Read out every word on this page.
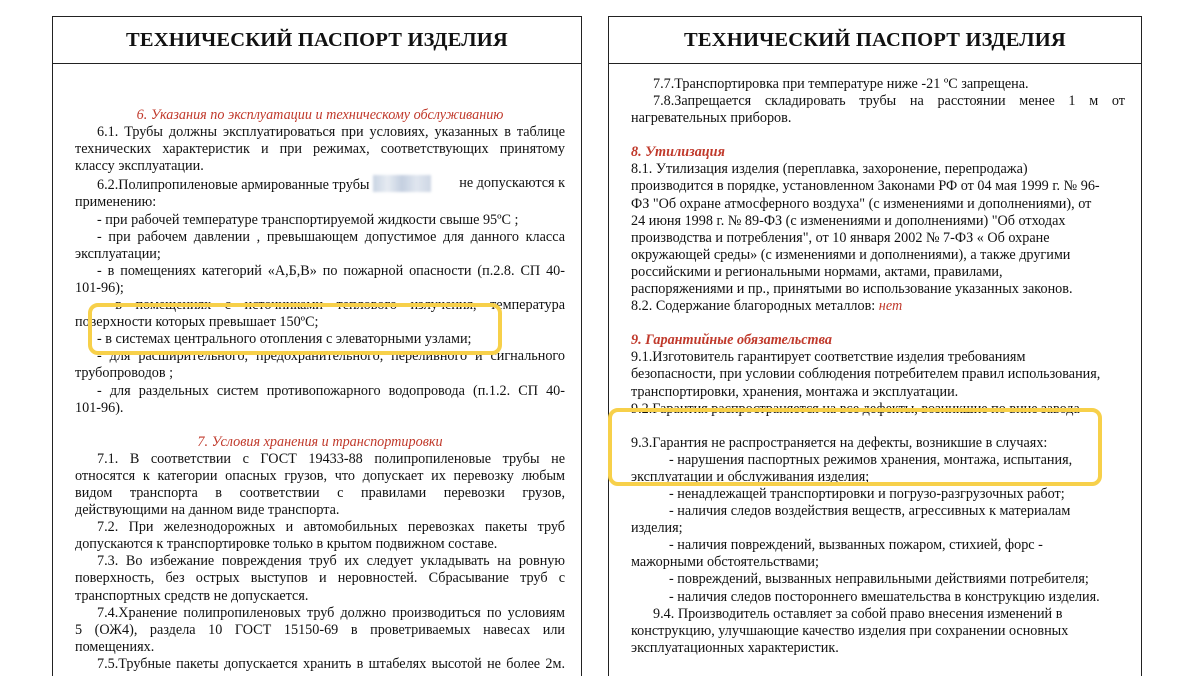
ТЕХНИЧЕСКИЙ ПАСПОРТ ИЗДЕЛИЯ

6. Указания по эксплуатации и техническому обслуживанию

6.1. Трубы должны эксплуатироваться при условиях, указанных в таблице

технических характеристик и при режимах, соответствующих принятому

классу эксплуатации.

6.2.Полипропиленовые армированные трубы	не допускаются к

применению:

- при рабочей температуре транспортируемой жидкости свыше 95ºС ;

- при рабочем давлении , превышающем допустимое для данного класса

эксплуатации;

- в помещениях категорий «А,Б,В» по пожарной опасности (п.2.8. СП 40-

101-96);

- в помещениях с источниками теплового излучения, температура

поверхности которых превышает 150ºС;

- в системах центрального отопления с элеваторными узлами;

- для расширительного, предохранительного, переливного и сигнального

трубопроводов ;

- для раздельных систем противопожарного водопровода (п.1.2. СП 40-

101-96).

7. Условия хранения и транспортировки

7.1. В соответствии с ГОСТ 19433-88 полипропиленовые трубы не

относятся к категории опасных грузов, что допускает их перевозку любым

видом транспорта в соответствии с правилами перевозки грузов,

действующими на данном виде транспорта.

7.2. При железнодорожных и автомобильных перевозках пакеты труб

допускаются к транспортировке только в крытом подвижном составе.

7.3. Во избежание повреждения труб их следует укладывать на ровную

поверхность, без острых выступов и неровностей. Сбрасывание труб с

транспортных средств не допускается.

7.4.Хранение полипропиленовых труб должно производиться по условиям

5 (ОЖ4), раздела 10 ГОСТ 15150-69 в проветриваемых навесах или

помещениях.

7.5.Трубные пакеты допускается хранить в штабелях высотой не более 2м.

ТЕХНИЧЕСКИЙ ПАСПОРТ ИЗДЕЛИЯ

7.7.Транспортировка при температуре ниже -21 ºС запрещена.

7.8.Запрещается складировать трубы на расстоянии менее 1 м от

нагревательных приборов.

8. Утилизация

8.1. Утилизация изделия (переплавка, захоронение, перепродажа)

производится в порядке, установленном Законами РФ от 04 мая 1999 г. № 96-

ФЗ "Об охране атмосферного воздуха" (с изменениями и дополнениями), от

24 июня 1998 г. № 89-ФЗ (с изменениями и дополнениями) "Об отходах

производства и потребления", от 10 января 2002 № 7-ФЗ « Об охране

окружающей среды» (с изменениями и дополнениями), а также другими

российскими и региональными нормами, актами, правилами,

распоряжениями и пр., принятыми во использование указанных законов.

8.2. Содержание благородных металлов: нет

9. Гарантийные обязательства

9.1.Изготовитель гарантирует соответствие изделия требованиям

безопасности, при условии соблюдения потребителем правил использования,

транспортировки, хранения, монтажа и эксплуатации.

9.2.Гарантия распространяется на все дефекты, возникшие по вине завода-

9.3.Гарантия не распространяется на дефекты, возникшие в случаях:

- нарушения паспортных режимов хранения, монтажа, испытания,

эксплуатации и обслуживания изделия;

- ненадлежащей транспортировки и погрузо-разгрузочных работ;

- наличия следов воздействия веществ, агрессивных к материалам

изделия;

- наличия повреждений, вызванных пожаром, стихией, форс -

мажорными обстоятельствами;

- повреждений, вызванных неправильными действиями потребителя;

- наличия следов постороннего вмешательства в конструкцию изделия.

9.4. Производитель оставляет за собой право внесения изменений в

конструкцию, улучшающие качество изделия при сохранении основных

эксплуатационных характеристик.
